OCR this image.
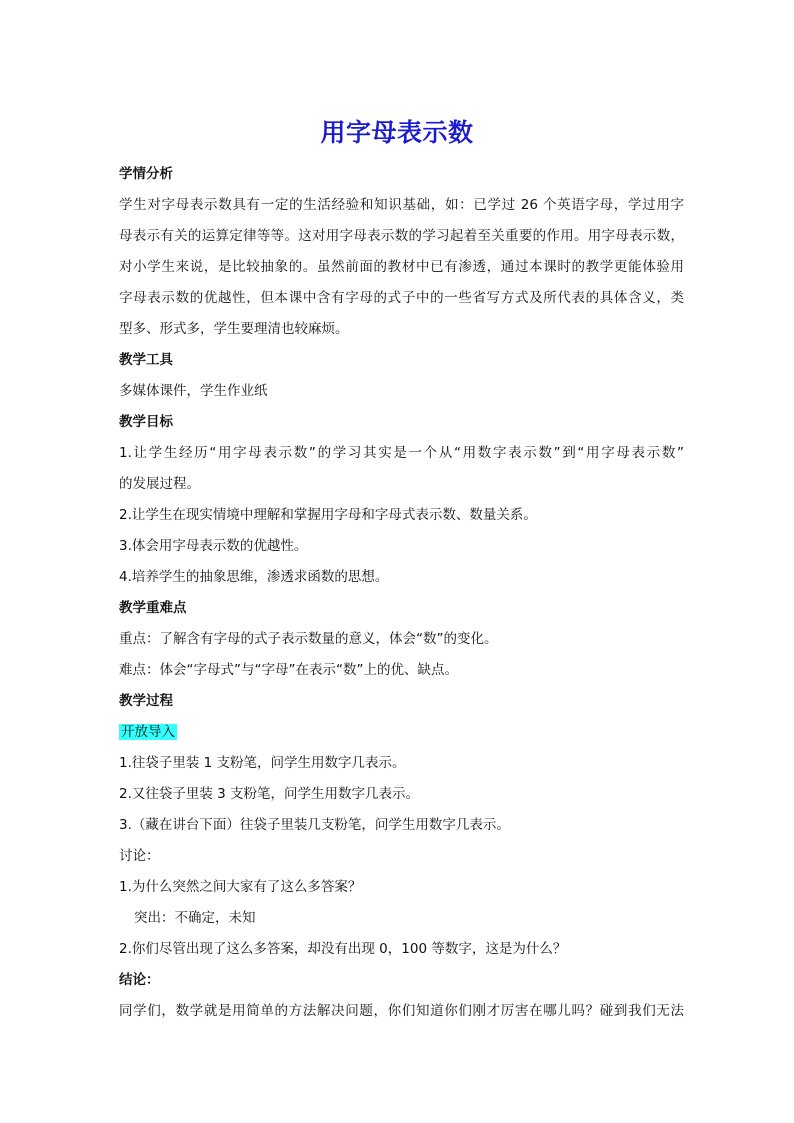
用字母表示数
学情分析
学生对字母表示数具有一定的生活经验和知识基础，如：已学过 26 个英语字母，学过用字
母表示有关的运算定律等等。这对用字母表示数的学习起着至关重要的作用。用字母表示数，
对小学生来说，是比较抽象的。虽然前面的教材中已有渗透，通过本课时的教学更能体验用
字母表示数的优越性，但本课中含有字母的式子中的一些省写方式及所代表的具体含义，类
型多、形式多，学生要理清也较麻烦。
教学工具
多媒体课件，学生作业纸
教学目标
1.让学生经历“用字母表示数”的学习其实是一个从“用数字表示数”到“用字母表示数”
的发展过程。
2.让学生在现实情境中理解和掌握用字母和字母式表示数、数量关系。
3.体会用字母表示数的优越性。
4.培养学生的抽象思维，渗透求函数的思想。
教学重难点
重点：了解含有字母的式子表示数量的意义，体会“数”的变化。
难点：体会“字母式”与“字母”在表示“数”上的优、缺点。
教学过程
开放导入
1.往袋子里装 1 支粉笔，问学生用数字几表示。
2.又往袋子里装 3 支粉笔，问学生用数字几表示。
3.（藏在讲台下面）往袋子里装几支粉笔，问学生用数字几表示。
讨论：
1.为什么突然之间大家有了这么多答案？
突出：不确定，未知
2.你们尽管出现了这么多答案，却没有出现 0，100 等数字，这是为什么？
结论：
同学们，数学就是用简单的方法解决问题，你们知道你们刚才厉害在哪儿吗？碰到我们无法
